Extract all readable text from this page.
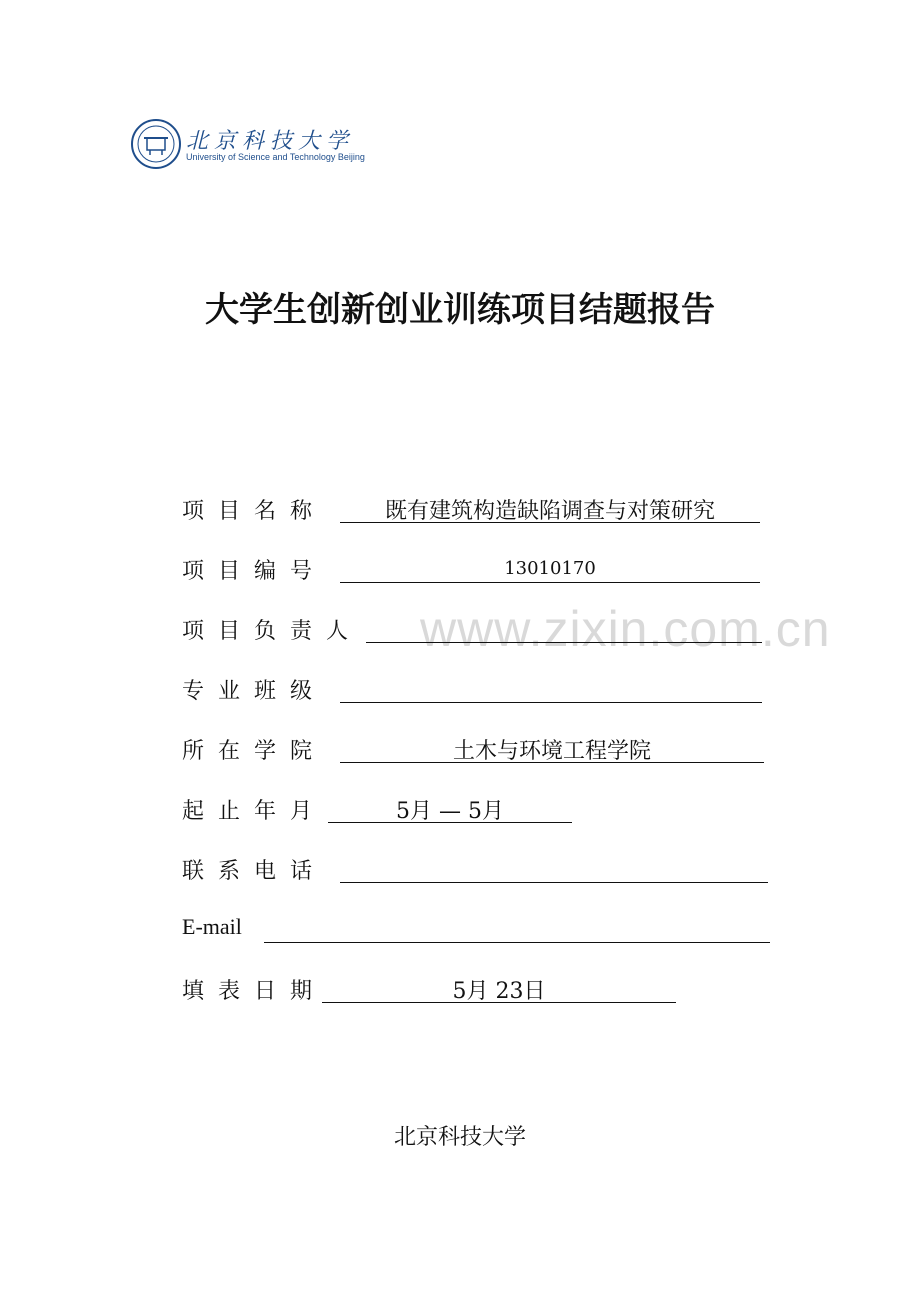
北京科技大学
University of Science and Technology Beijing
大学生创新创业训练项目结题报告
www.zixin.com.cn
项目名称	既有建筑构造缺陷调查与对策研究
项目编号	13010170
项目负责人
专业班级
所在学院	土木与环境工程学院
起止年月	5月 — 5月
联系电话
E-mail
填表日期	5月 23日
北京科技大学
